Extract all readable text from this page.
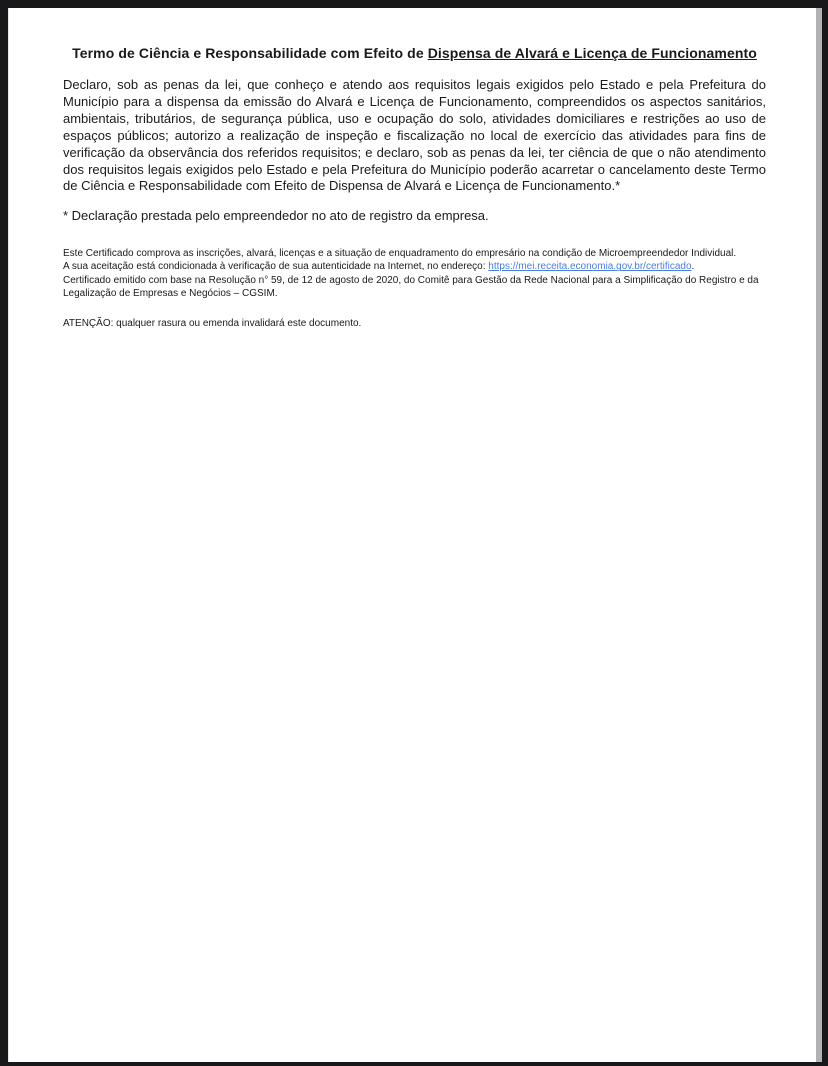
Termo de Ciência e Responsabilidade com Efeito de Dispensa de Alvará e Licença de Funcionamento
Declaro, sob as penas da lei, que conheço e atendo aos requisitos legais exigidos pelo Estado e pela Prefeitura do Município para a dispensa da emissão do Alvará e Licença de Funcionamento, compreendidos os aspectos sanitários, ambientais, tributários, de segurança pública, uso e ocupação do solo, atividades domiciliares e restrições ao uso de espaços públicos; autorizo a realização de inspeção e fiscalização no local de exercício das atividades para fins de verificação da observância dos referidos requisitos; e declaro, sob as penas da lei, ter ciência de que o não atendimento dos requisitos legais exigidos pelo Estado e pela Prefeitura do Município poderão acarretar o cancelamento deste Termo de Ciência e Responsabilidade com Efeito de Dispensa de Alvará e Licença de Funcionamento.*
* Declaração prestada pelo empreendedor no ato de registro da empresa.
Este Certificado comprova as inscrições, alvará, licenças e a situação de enquadramento do empresário na condição de Microempreendedor Individual.
A sua aceitação está condicionada à verificação de sua autenticidade na Internet, no endereço: https://mei.receita.economia.gov.br/certificado.
Certificado emitido com base na Resolução n° 59, de 12 de agosto de 2020, do Comitê para Gestão da Rede Nacional para a Simplificação do Registro e da Legalização de Empresas e Negócios – CGSIM.
ATENÇÃO: qualquer rasura ou emenda invalidará este documento.
